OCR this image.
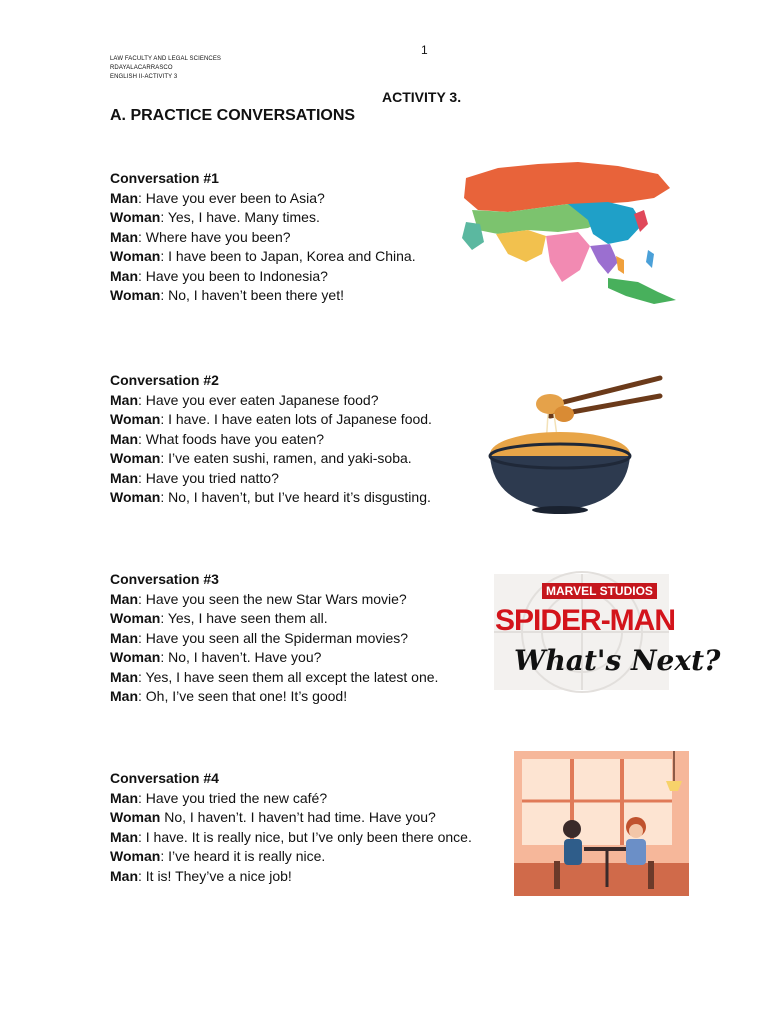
1
LAW FACULTY AND LEGAL SCIENCES
RDAYALACARRASCO
ENGLISH II-ACTIVITY 3
ACTIVITY 3.
A. PRACTICE CONVERSATIONS
Conversation #1
Man: Have you ever been to Asia?
Woman: Yes, I have. Many times.
Man: Where have you been?
Woman: I have been to Japan, Korea and China.
Man: Have you been to Indonesia?
Woman: No, I haven’t been there yet!
Conversation #2
Man: Have you ever eaten Japanese food?
Woman: I have. I have eaten lots of Japanese food.
Man: What foods have you eaten?
Woman: I’ve eaten sushi, ramen, and yaki-soba.
Man: Have you tried natto?
Woman: No, I haven’t, but I’ve heard it’s disgusting.
Conversation #3
Man: Have you seen the new Star Wars movie?
Woman: Yes, I have seen them all.
Man: Have you seen all the Spiderman movies?
Woman: No, I haven’t. Have you?
Man: Yes, I have seen them all except the latest one.
Man: Oh, I’ve seen that one! It’s good!
Conversation #4
Man: Have you tried the new café?
Woman No, I haven’t. I haven’t had time. Have you?
Man: I have. It is really nice, but I’ve only been there once.
Woman: I’ve heard it is really nice.
Man: It is! They’ve a nice job!
MARVEL STUDIOS
SPIDER-MAN
What's Next?
